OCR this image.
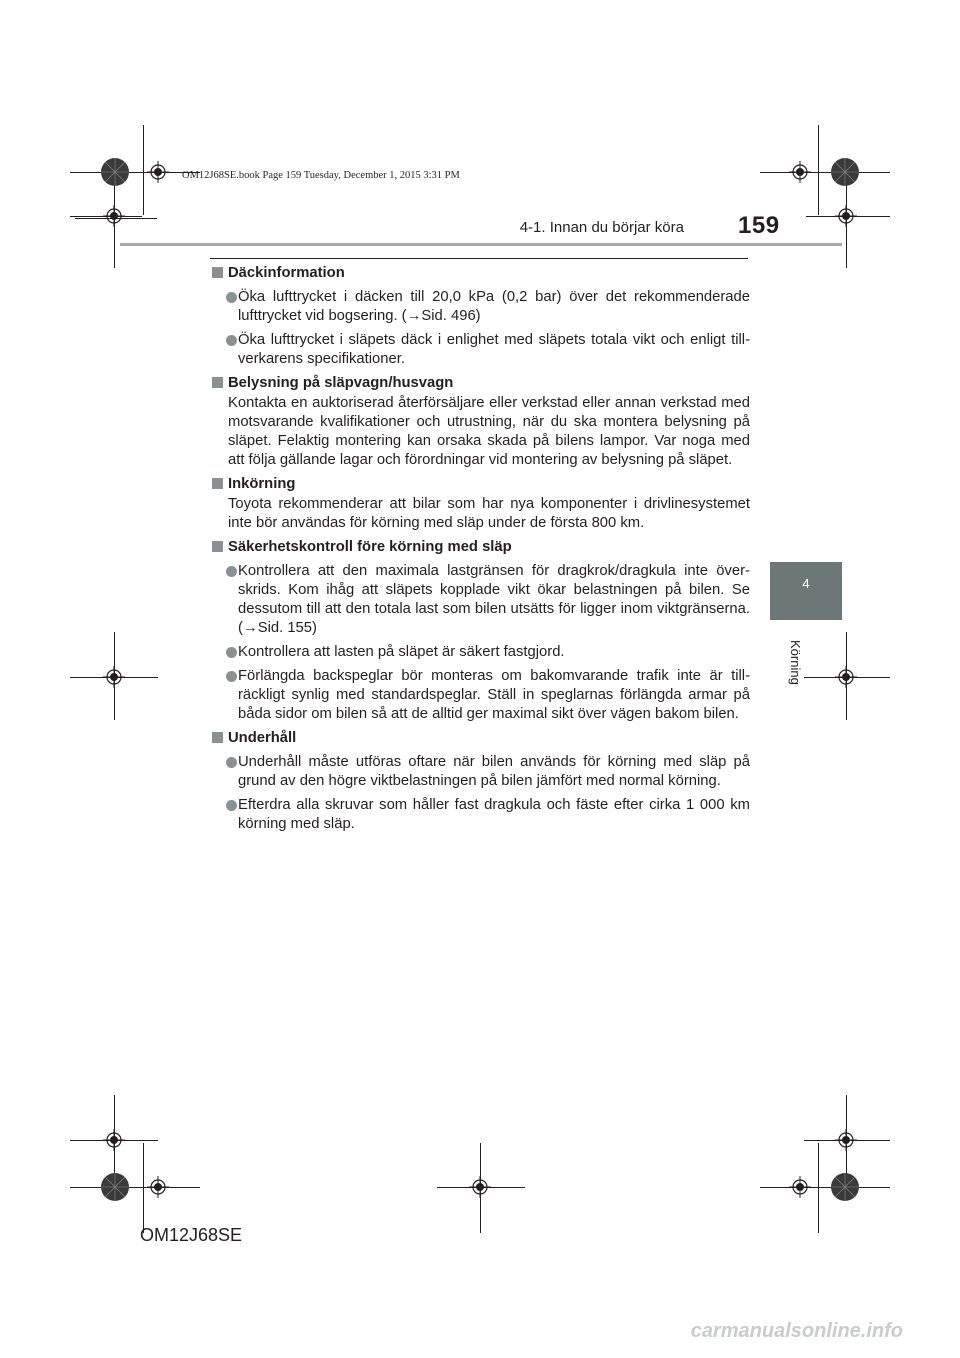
OM12J68SE.book Page 159 Tuesday, December 1, 2015 3:31 PM
4-1. Innan du börjar köra 159
4
Körning
Däckinformation
Öka lufttrycket i däcken till 20,0 kPa (0,2 bar) över det rekommenderade lufttrycket vid bogsering. (→Sid. 496)
Öka lufttrycket i släpets däck i enlighet med släpets totala vikt och enligt till-verkarens specifikationer.
Belysning på släpvagn/husvagn
Kontakta en auktoriserad återförsäljare eller verkstad eller annan verkstad med motsvarande kvalifikationer och utrustning, när du ska montera belysning på släpet. Felaktig montering kan orsaka skada på bilens lampor. Var noga med att följa gällande lagar och förordningar vid montering av belysning på släpet.
Inkörning
Toyota rekommenderar att bilar som har nya komponenter i drivlinesystemet inte bör användas för körning med släp under de första 800 km.
Säkerhetskontroll före körning med släp
Kontrollera att den maximala lastgränsen för dragkrok/dragkula inte över-skrids. Kom ihåg att släpets kopplade vikt ökar belastningen på bilen. Se dessutom till att den totala last som bilen utsätts för ligger inom viktgränserna. (→Sid. 155)
Kontrollera att lasten på släpet är säkert fastgjord.
Förlängda backspeglar bör monteras om bakomvarande trafik inte är till-räckligt synlig med standardspeglar. Ställ in speglarnas förlängda armar på båda sidor om bilen så att de alltid ger maximal sikt över vägen bakom bilen.
Underhåll
Underhåll måste utföras oftare när bilen används för körning med släp på grund av den högre viktbelastningen på bilen jämfört med normal körning.
Efterdra alla skruvar som håller fast dragkula och fäste efter cirka 1 000 km körning med släp.
OM12J68SE
carmanualsonline.info
